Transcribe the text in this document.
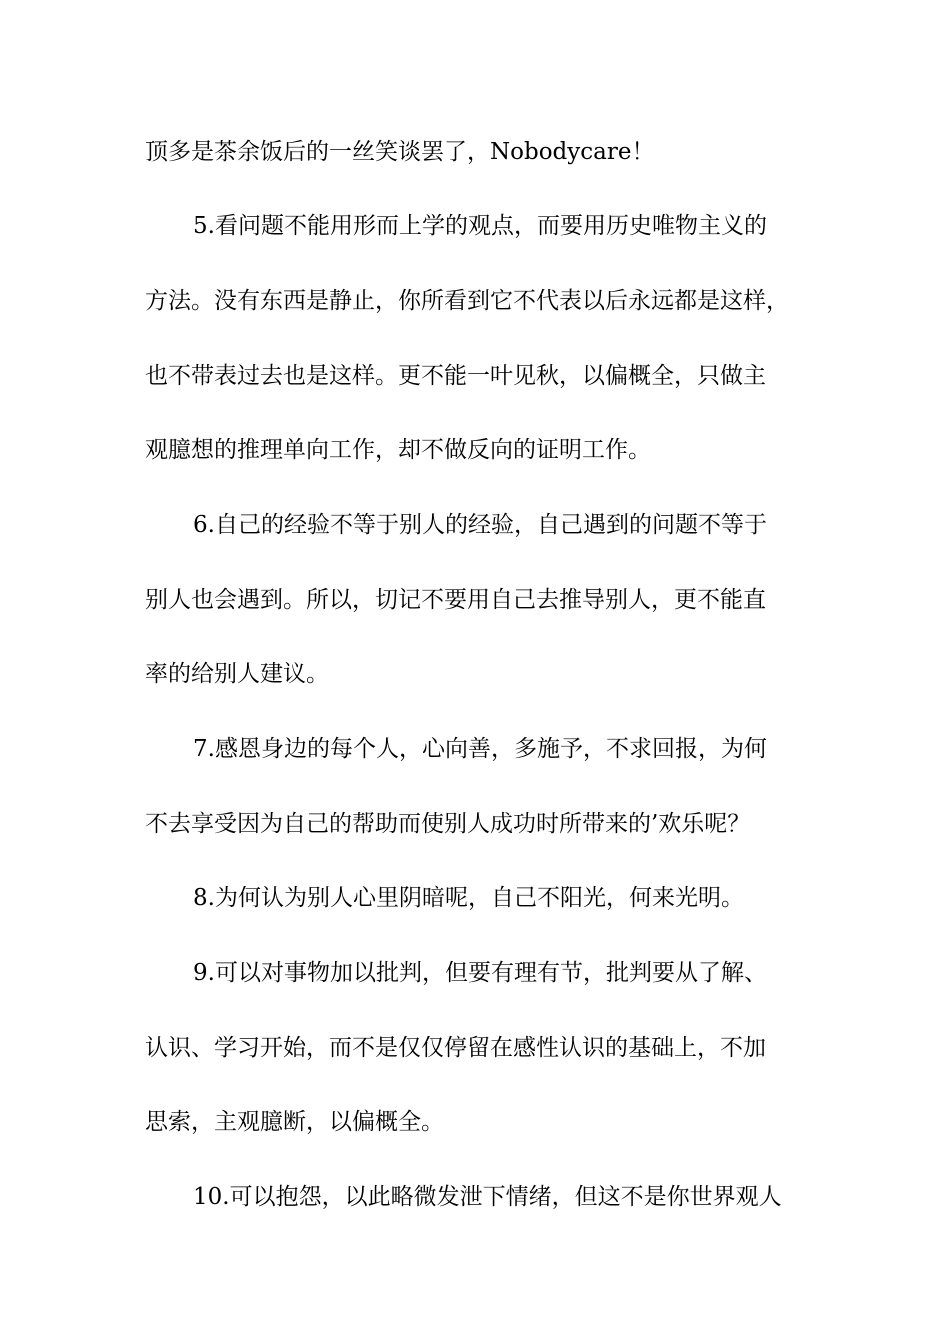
顶多是茶余饭后的一丝笑谈罢了，Nobodycare！
5.看问题不能用形而上学的观点，而要用历史唯物主义的
方法。没有东西是静止，你所看到它不代表以后永远都是这样，
也不带表过去也是这样。更不能一叶见秋，以偏概全，只做主
观臆想的推理单向工作，却不做反向的证明工作。
6.自己的经验不等于别人的经验，自己遇到的问题不等于
别人也会遇到。所以，切记不要用自己去推导别人，更不能直
率的给别人建议。
7.感恩身边的每个人，心向善，多施予，不求回报，为何
不去享受因为自己的帮助而使别人成功时所带来的’欢乐呢？
8.为何认为别人心里阴暗呢，自己不阳光，何来光明。
9.可以对事物加以批判，但要有理有节，批判要从了解、
认识、学习开始，而不是仅仅停留在感性认识的基础上，不加
思索，主观臆断，以偏概全。
10.可以抱怨，以此略微发泄下情绪，但这不是你世界观人
